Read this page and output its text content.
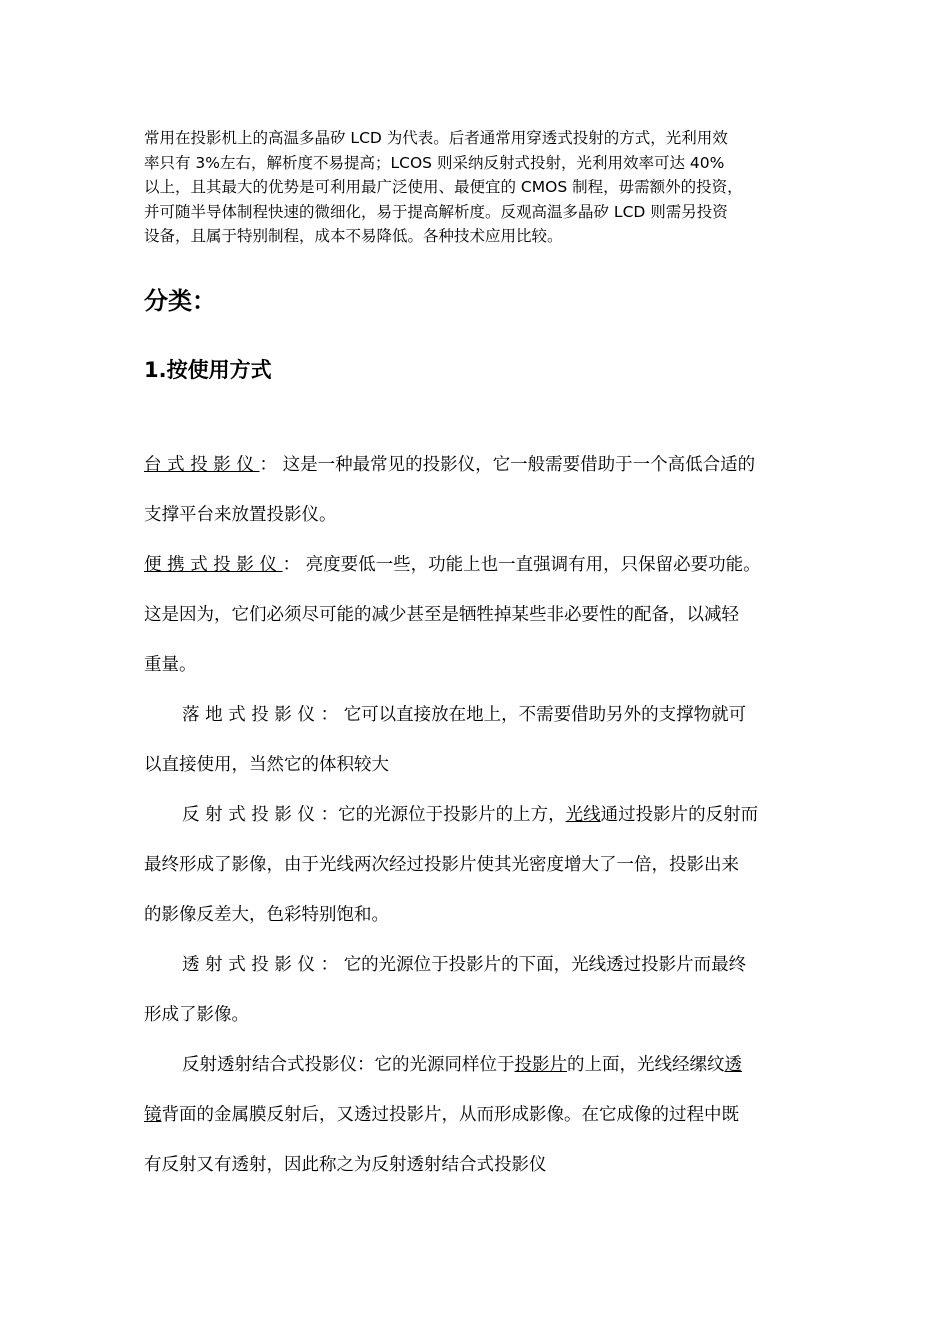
常用在投影机上的高温多晶矽 LCD 为代表。后者通常用穿透式投射的方式，光利用效
率只有 3%左右，解析度不易提高；LCOS 则采纳反射式投射，光利用效率可达 40%
以上，且其最大的优势是可利用最广泛使用、最便宜的 CMOS 制程，毋需额外的投资，
并可随半导体制程快速的微细化，易于提高解析度。反观高温多晶矽 LCD 则需另投资
设备，且属于特别制程，成本不易降低。各种技术应用比较。
分类：
1.按使用方式

台式投影仪： 这是一种最常见的投影仪，它一般需要借助于一个高低合适的

支撑平台来放置投影仪。

便携式投影仪： 亮度要低一些，功能上也一直强调有用，只保留必要功能。

这是因为，它们必须尽可能的减少甚至是牺牲掉某些非必要性的配备，以减轻

重量。

落地式投影仪： 它可以直接放在地上，不需要借助另外的支撑物就可

以直接使用，当然它的体积较大

反射式投影仪：它的光源位于投影片的上方，光线通过投影片的反射而

最终形成了影像，由于光线两次经过投影片使其光密度增大了一倍，投影出来

的影像反差大，色彩特别饱和。

透射式投影仪： 它的光源位于投影片的下面，光线透过投影片而最终

形成了影像。

反射透射结合式投影仪：它的光源同样位于投影片的上面，光线经缧纹透

镜背面的金属膜反射后，又透过投影片，从而形成影像。在它成像的过程中既

有反射又有透射，因此称之为反射透射结合式投影仪
